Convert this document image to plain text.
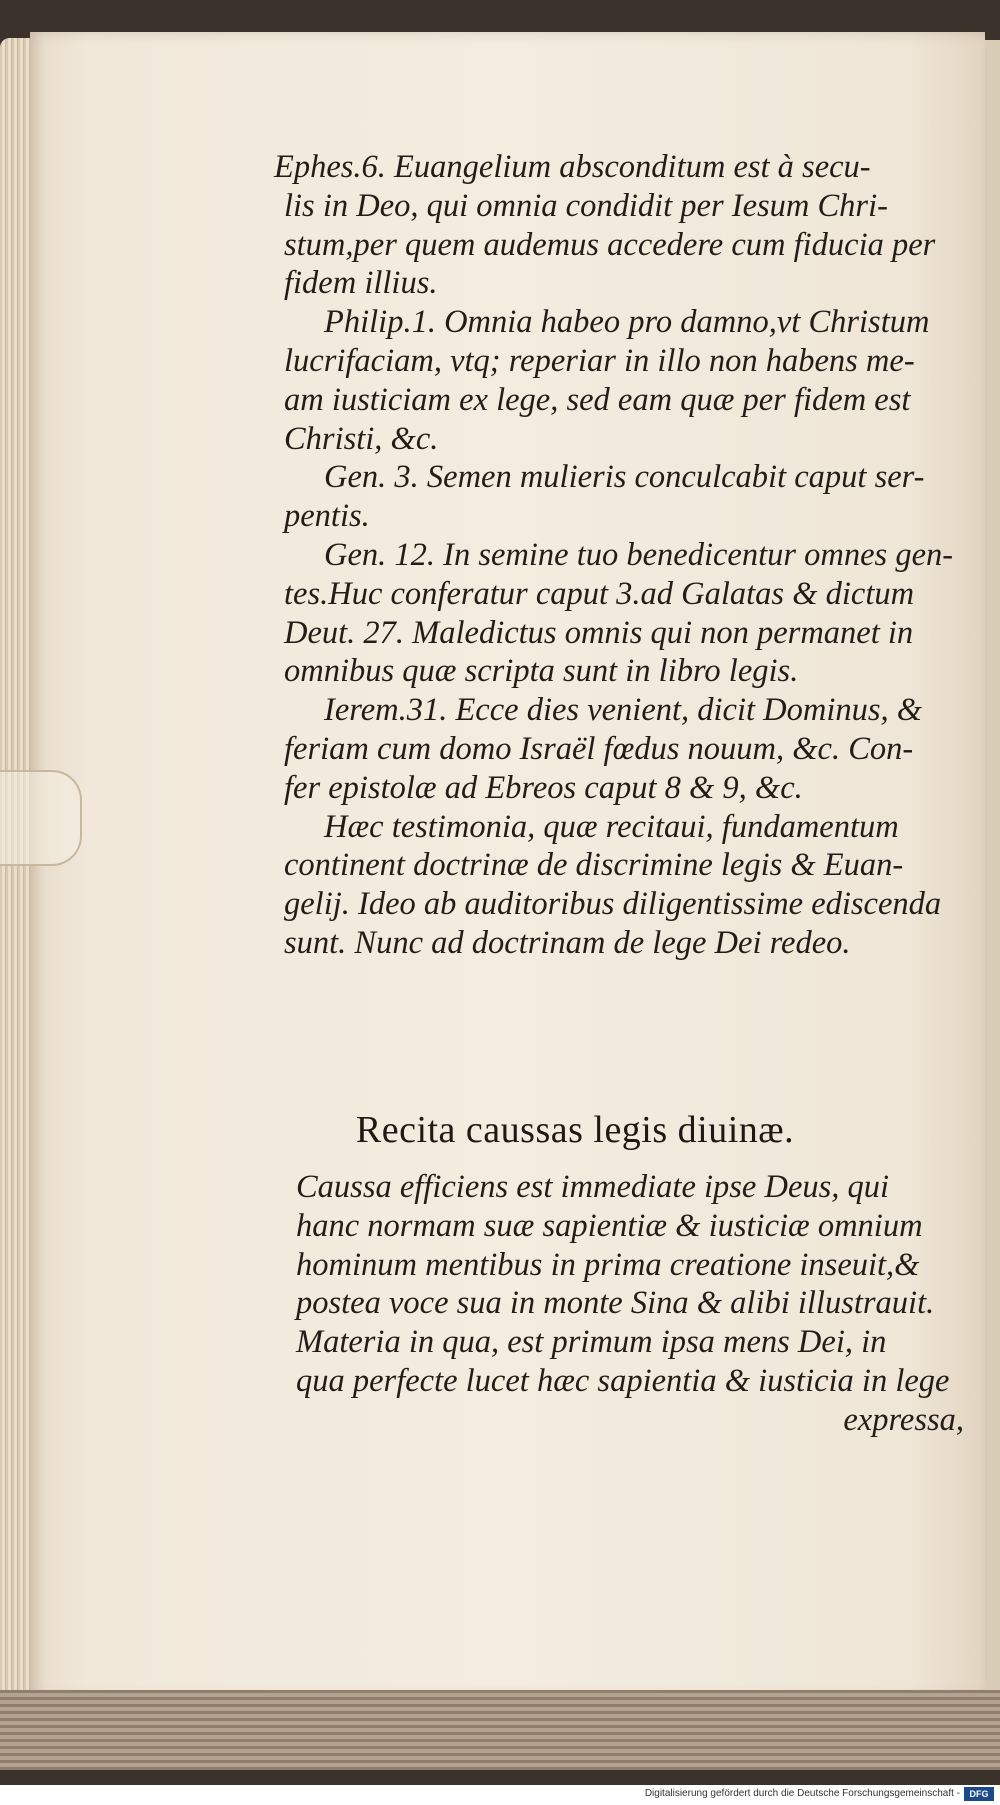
Ephes.6. Euangelium absconditum est à secu-
lis in Deo, qui omnia condidit per Iesum Chri-
stum,per quem audemus accedere cum fiducia per
fidem illius.
Philip.1. Omnia habeo pro damno,vt Christum
lucrifaciam, vtq; reperiar in illo non habens me-
am iusticiam ex lege, sed eam quæ per fidem est
Christi, &c.
Gen. 3. Semen mulieris conculcabit caput ser-
pentis.
Gen. 12. In semine tuo benedicentur omnes gen-
tes.Huc conferatur caput 3.ad Galatas & dictum
Deut. 27. Maledictus omnis qui non permanet in
omnibus quæ scripta sunt in libro legis.
Ierem.31. Ecce dies venient, dicit Dominus, &
feriam cum domo Israël fœdus nouum, &c. Con-
fer epistolæ ad Ebreos caput 8 & 9, &c.
Hæc testimonia, quæ recitaui, fundamentum
continent doctrinæ de discrimine legis & Euan-
gelij. Ideo ab auditoribus diligentissime ediscenda
sunt. Nunc ad doctrinam de lege Dei redeo.
Recita caussas legis diuinæ.
Caussa efficiens est immediate ipse Deus, qui
hanc normam suæ sapientiæ & iusticiæ omnium
hominum mentibus in prima creatione inseuit,&
postea voce sua in monte Sina & alibi illustrauit.
Materia in qua, est primum ipsa mens Dei, in
qua perfecte lucet hæc sapientia & iusticia in lege
expressa,
Digitalisierung gefördert durch die Deutsche Forschungsgemeinschaft -	DFG
